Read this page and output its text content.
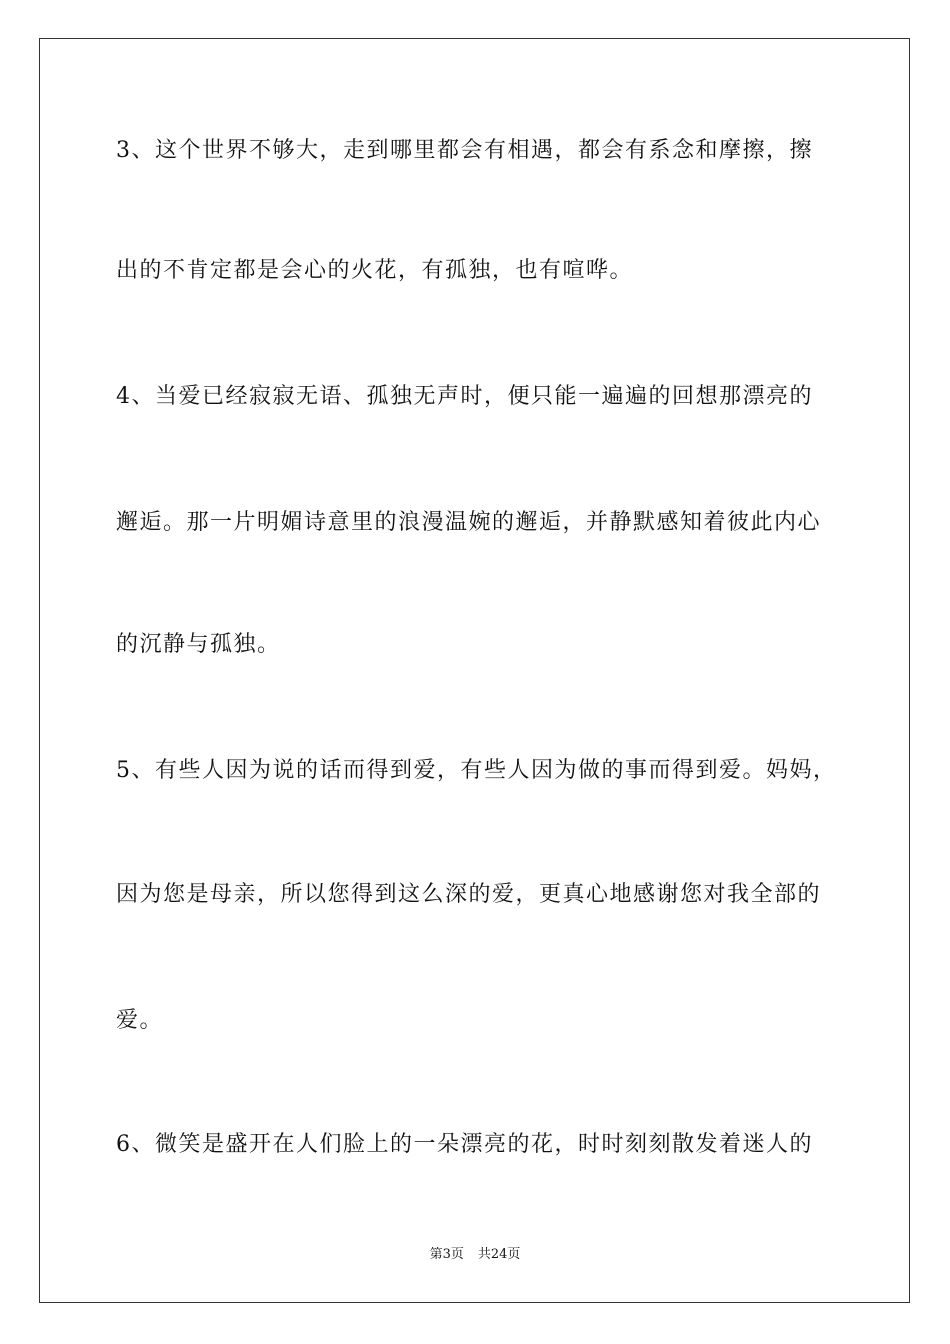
3、这个世界不够大，走到哪里都会有相遇，都会有系念和摩擦，擦
出的不肯定都是会心的火花，有孤独，也有喧哗。
4、当爱已经寂寂无语、孤独无声时，便只能一遍遍的回想那漂亮的
邂逅。那一片明媚诗意里的浪漫温婉的邂逅，并静默感知着彼此内心
的沉静与孤独。
5、有些人因为说的话而得到爱，有些人因为做的事而得到爱。妈妈，
因为您是母亲，所以您得到这么深的爱，更真心地感谢您对我全部的
爱。
6、微笑是盛开在人们脸上的一朵漂亮的花，时时刻刻散发着迷人的
第3页 共24页
